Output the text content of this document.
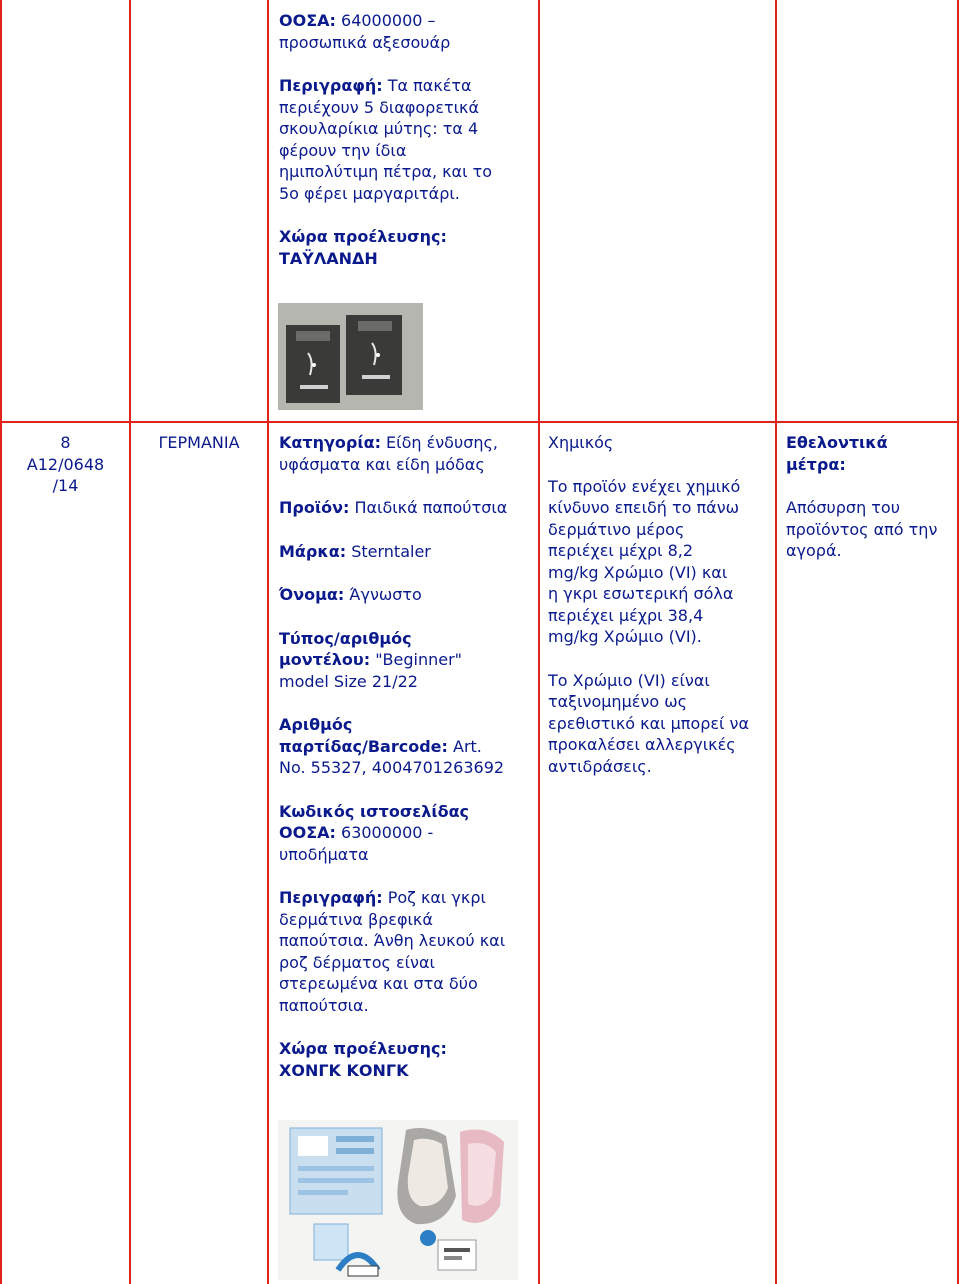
ΟΟΣΑ: 64000000 –

προσωπικά αξεσουάρ

Περιγραφή: Τα πακέτα

περιέχουν 5 διαφορετικά

σκουλαρίκια μύτης: τα 4

φέρουν την ίδια

ημιπολύτιμη πέτρα, και το

5ο φέρει μαργαριτάρι.

Χώρα προέλευσης:

ΤΑΫΛΑΝΔΗ

8

A12/0648

/14

ΓΕΡΜΑΝΙΑ	Κατηγορία: Είδη ένδυσης,

υφάσματα και είδη μόδας

Προϊόν: Παιδικά παπούτσια

Μάρκα: Sterntaler

Όνομα: Άγνωστο

Τύπος/αριθμός

μοντέλου: "Beginner"

model Size 21/22

Αριθμός

παρτίδας/Barcode: Art.

No. 55327, 4004701263692

Κωδικός ιστοσελίδας

ΟΟΣΑ: 63000000 -

υποδήματα

Περιγραφή: Ροζ και γκρι

δερμάτινα βρεφικά

παπούτσια. Άνθη λευκού και

ροζ δέρματος είναι

στερεωμένα και στα δύο

παπούτσια.

Χώρα προέλευσης:

ΧΟΝΓΚ ΚΟΝΓΚ

Χημικός

Το προϊόν ενέχει χημικό

κίνδυνο επειδή το πάνω

δερμάτινο μέρος

περιέχει μέχρι 8,2

mg/kg Χρώμιο (VI) και

η γκρι εσωτερική σόλα

περιέχει μέχρι 38,4

mg/kg Χρώμιο (VI).

Το Χρώμιο (VI) είναι

ταξινομημένο ως

ερεθιστικό και μπορεί να

προκαλέσει αλλεργικές

αντιδράσεις.

Εθελοντικά

μέτρα:

Απόσυρση του

προϊόντος από την

αγορά.
